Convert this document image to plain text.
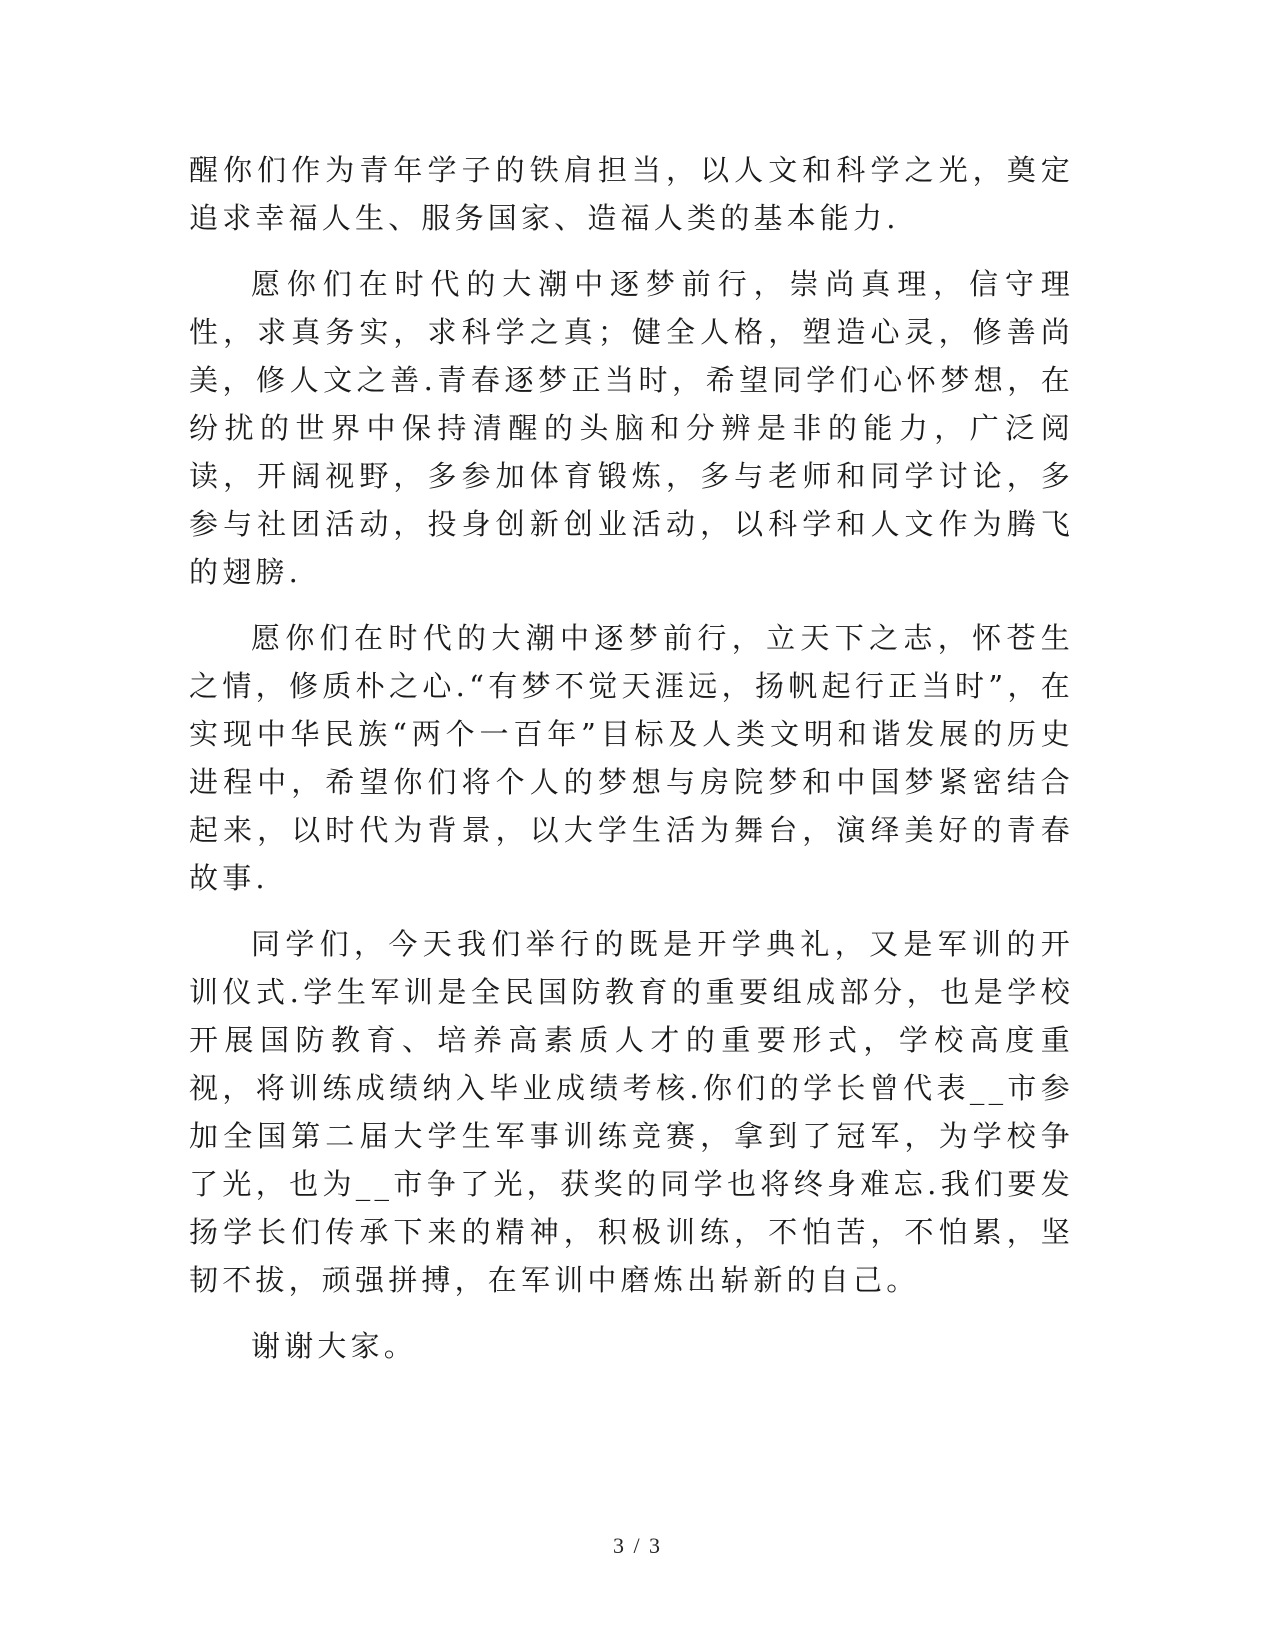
醒你们作为青年学子的铁肩担当，以人文和科学之光，奠定追求幸福人生、服务国家、造福人类的基本能力.

愿你们在时代的大潮中逐梦前行，崇尚真理，信守理性，求真务实，求科学之真；健全人格，塑造心灵，修善尚美，修人文之善.青春逐梦正当时，希望同学们心怀梦想，在纷扰的世界中保持清醒的头脑和分辨是非的能力，广泛阅读，开阔视野，多参加体育锻炼，多与老师和同学讨论，多参与社团活动，投身创新创业活动，以科学和人文作为腾飞的翅膀.

愿你们在时代的大潮中逐梦前行，立天下之志，怀苍生之情，修质朴之心.“有梦不觉天涯远，扬帆起行正当时”，在实现中华民族“两个一百年”目标及人类文明和谐发展的历史进程中，希望你们将个人的梦想与房院梦和中国梦紧密结合起来，以时代为背景，以大学生活为舞台，演绎美好的青春故事.

同学们，今天我们举行的既是开学典礼，又是军训的开训仪式.学生军训是全民国防教育的重要组成部分，也是学校开展国防教育、培养高素质人才的重要形式，学校高度重视，将训练成绩纳入毕业成绩考核.你们的学长曾代表__市参加全国第二届大学生军事训练竞赛，拿到了冠军，为学校争了光，也为__市争了光，获奖的同学也将终身难忘.我们要发扬学长们传承下来的精神，积极训练，不怕苦，不怕累，坚韧不拔，顽强拼搏，在军训中磨炼出崭新的自己。

谢谢大家。

3 / 3
